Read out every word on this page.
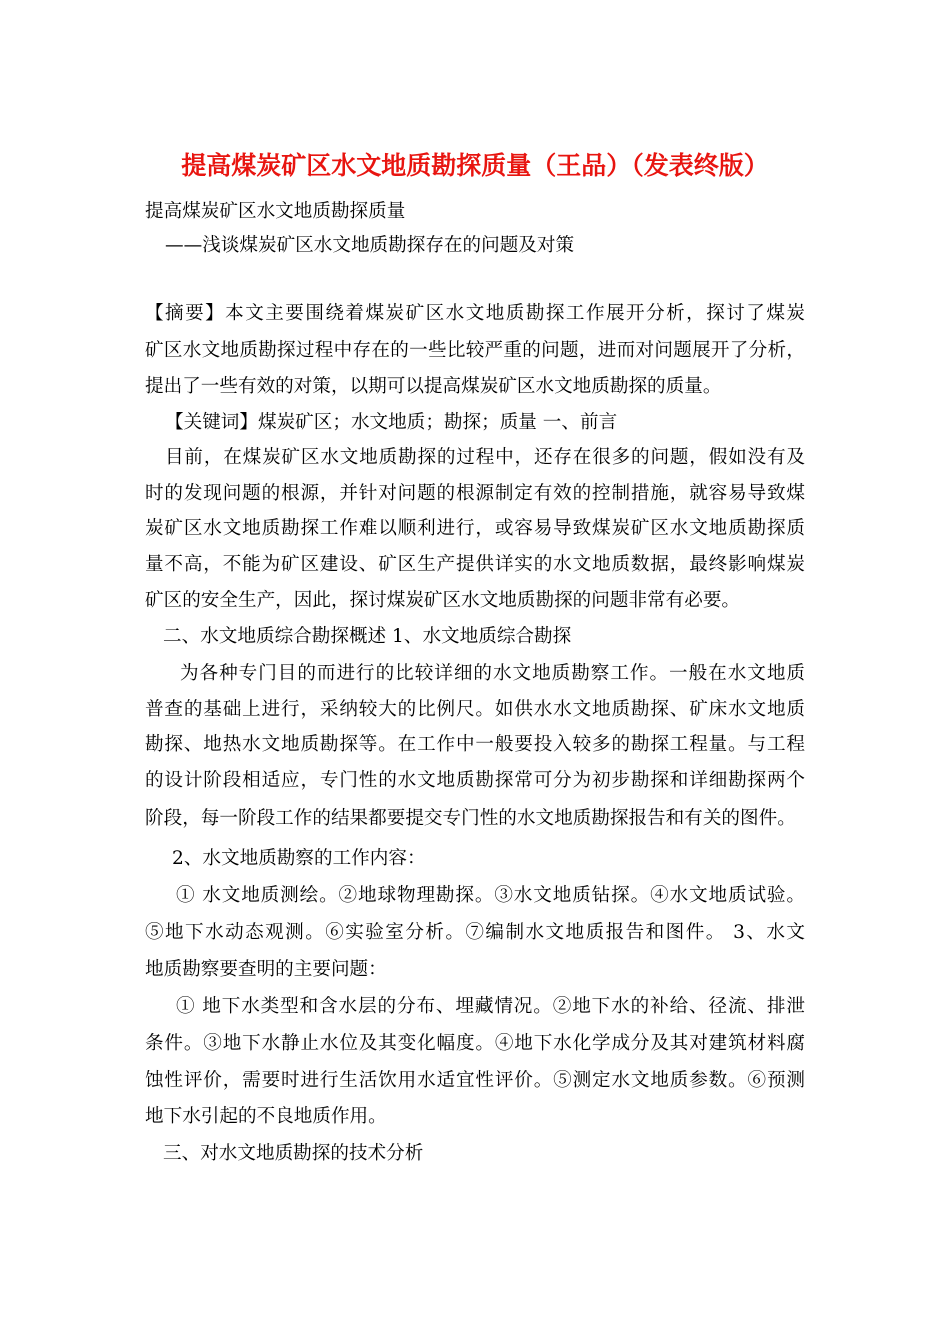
提高煤炭矿区水文地质勘探质量（王品）（发表终版）
提高煤炭矿区水文地质勘探质量
——浅谈煤炭矿区水文地质勘探存在的问题及对策
【摘要】本文主要围绕着煤炭矿区水文地质勘探工作展开分析，探讨了煤炭
矿区水文地质勘探过程中存在的一些比较严重的问题，进而对问题展开了分析，
提出了一些有效的对策，以期可以提高煤炭矿区水文地质勘探的质量。
【关键词】煤炭矿区；水文地质；勘探；质量 一、前言
目前，在煤炭矿区水文地质勘探的过程中，还存在很多的问题，假如没有及
时的发现问题的根源，并针对问题的根源制定有效的控制措施，就容易导致煤
炭矿区水文地质勘探工作难以顺利进行，或容易导致煤炭矿区水文地质勘探质
量不高，不能为矿区建设、矿区生产提供详实的水文地质数据，最终影响煤炭
矿区的安全生产，因此，探讨煤炭矿区水文地质勘探的问题非常有必要。
二、水文地质综合勘探概述 1、水文地质综合勘探
为各种专门目的而进行的比较详细的水文地质勘察工作。一般在水文地质
普查的基础上进行，采纳较大的比例尺。如供水水文地质勘探、矿床水文地质
勘探、地热水文地质勘探等。在工作中一般要投入较多的勘探工程量。与工程
的设计阶段相适应，专门性的水文地质勘探常可分为初步勘探和详细勘探两个
阶段，每一阶段工作的结果都要提交专门性的水文地质勘探报告和有关的图件。
2、水文地质勘察的工作内容：
① 水文地质测绘。②地球物理勘探。③水文地质钻探。④水文地质试验。
⑤地下水动态观测。⑥实验室分析。⑦编制水文地质报告和图件。 3、水文
地质勘察要查明的主要问题：
① 地下水类型和含水层的分布、埋藏情况。②地下水的补给、径流、排泄
条件。③地下水静止水位及其变化幅度。④地下水化学成分及其对建筑材料腐
蚀性评价，需要时进行生活饮用水适宜性评价。⑤测定水文地质参数。⑥预测
地下水引起的不良地质作用。
三、对水文地质勘探的技术分析
